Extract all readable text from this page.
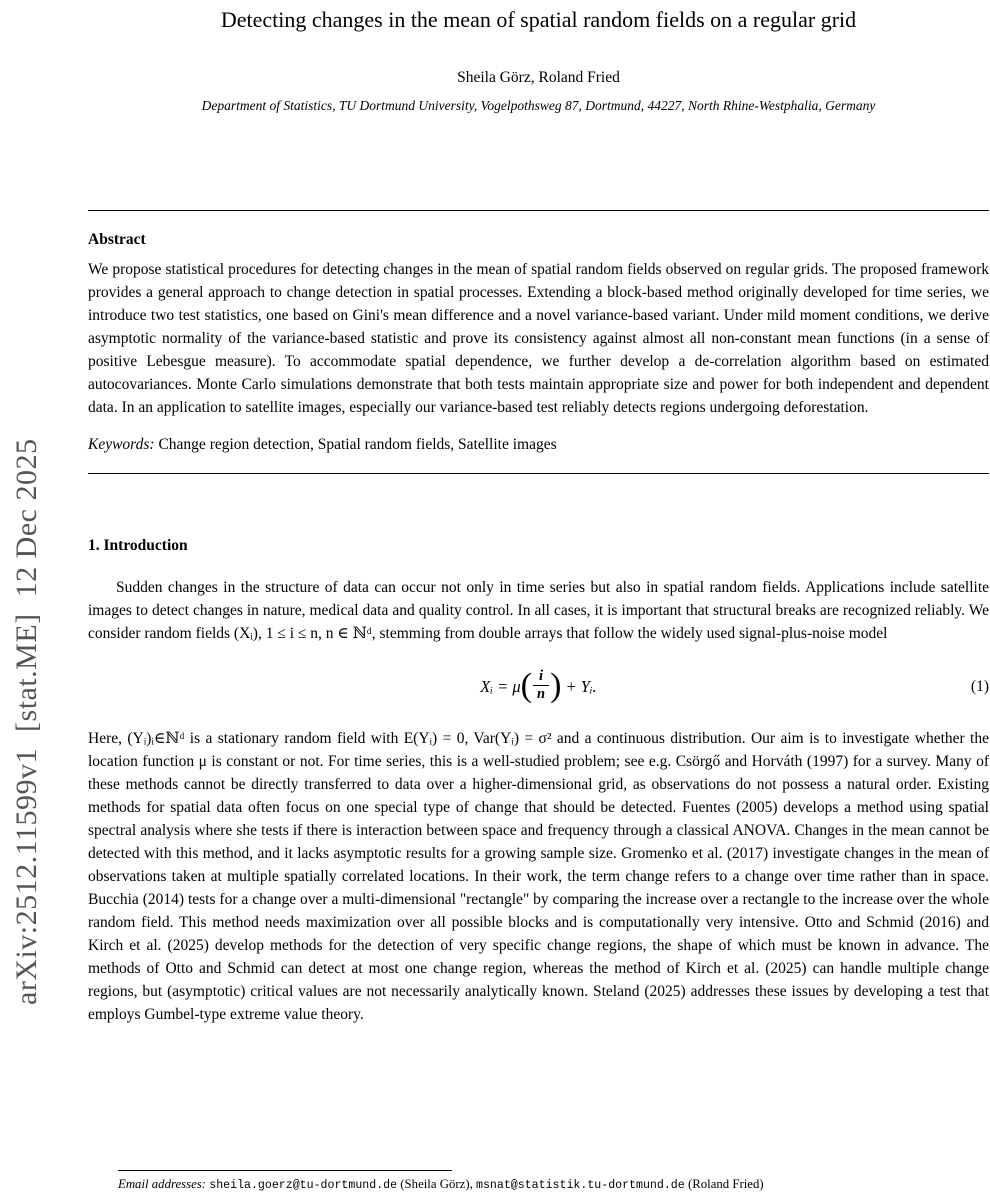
arXiv:2512.11599v1  [stat.ME]  12 Dec 2025
Detecting changes in the mean of spatial random fields on a regular grid
Sheila Görz, Roland Fried
Department of Statistics, TU Dortmund University, Vogelpothsweg 87, Dortmund, 44227, North Rhine-Westphalia, Germany
Abstract

We propose statistical procedures for detecting changes in the mean of spatial random fields observed on regular grids. The proposed framework provides a general approach to change detection in spatial processes. Extending a block-based method originally developed for time series, we introduce two test statistics, one based on Gini's mean difference and a novel variance-based variant. Under mild moment conditions, we derive asymptotic normality of the variance-based statistic and prove its consistency against almost all non-constant mean functions (in a sense of positive Lebesgue measure). To accommodate spatial dependence, we further develop a de-correlation algorithm based on estimated autocovariances. Monte Carlo simulations demonstrate that both tests maintain appropriate size and power for both independent and dependent data. In an application to satellite images, especially our variance-based test reliably detects regions undergoing deforestation.

Keywords: Change region detection, Spatial random fields, Satellite images
1. Introduction

Sudden changes in the structure of data can occur not only in time series but also in spatial random fields. Applications include satellite images to detect changes in nature, medical data and quality control. In all cases, it is important that structural breaks are recognized reliably. We consider random fields (Xᵢ), 1 ≤ i ≤ n, n ∈ ℕᵈ, stemming from double arrays that follow the widely used signal-plus-noise model

Xᵢ = $\mu( \frac{i}{n}$ ) + Yᵢ.	(1)

Here, (Yᵢ)ᵢ∈ℕᵈ is a stationary random field with E(Yᵢ) = 0, Var(Yᵢ) = σ² and a continuous distribution. Our aim is to investigate whether the location function μ is constant or not. For time series, this is a well-studied problem; see e.g. Csörgő and Horváth (1997) for a survey. Many of these methods cannot be directly transferred to data over a higher-dimensional grid, as observations do not possess a natural order. Existing methods for spatial data often focus on one special type of change that should be detected. Fuentes (2005) develops a method using spatial spectral analysis where she tests if there is interaction between space and frequency through a classical ANOVA. Changes in the mean cannot be detected with this method, and it lacks asymptotic results for a growing sample size. Gromenko et al. (2017) investigate changes in the mean of observations taken at multiple spatially correlated locations. In their work, the term change refers to a change over time rather than in space. Bucchia (2014) tests for a change over a multi-dimensional "rectangle" by comparing the increase over a rectangle to the increase over the whole random field. This method needs maximization over all possible blocks and is computationally very intensive. Otto and Schmid (2016) and Kirch et al. (2025) develop methods for the detection of very specific change regions, the shape of which must be known in advance. The methods of Otto and Schmid can detect at most one change region, whereas the method of Kirch et al. (2025) can handle multiple change regions, but (asymptotic) critical values are not necessarily analytically known. Steland (2025) addresses these issues by developing a test that employs Gumbel-type extreme value theory.

Email addresses: sheila.goerz@tu-dortmund.de (Sheila Görz), msnat@statistik.tu-dortmund.de (Roland Fried)
